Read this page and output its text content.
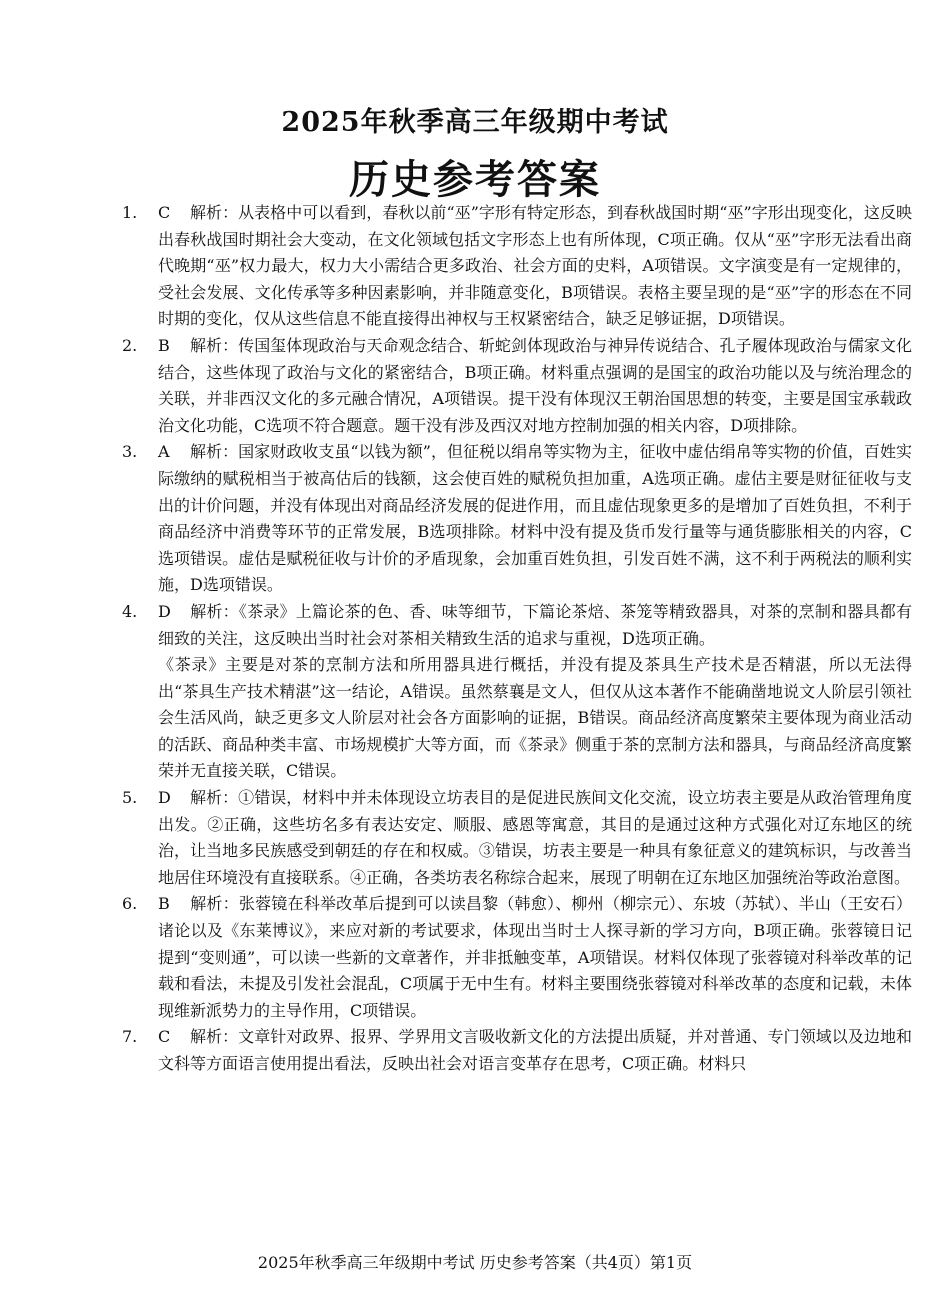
2025年秋季高三年级期中考试
历史参考答案

1.	C 解析：从表格中可以看到，春秋以前“巫”字形有特定形态，到春秋战国时期“巫”字形出现变化，这反映出春秋战国时期社会大变动，在文化领域包括文字形态上也有所体现，C项正确。仅从“巫”字形无法看出商代晚期“巫”权力最大，权力大小需结合更多政治、社会方面的史料，A项错误。文字演变是有一定规律的，受社会发展、文化传承等多种因素影响，并非随意变化，B项错误。表格主要呈现的是“巫”字的形态在不同时期的变化，仅从这些信息不能直接得出神权与王权紧密结合，缺乏足够证据，D项错误。

2.	B 解析：传国玺体现政治与天命观念结合、斩蛇剑体现政治与神异传说结合、孔子履体现政治与儒家文化结合，这些体现了政治与文化的紧密结合，B项正确。材料重点强调的是国宝的政治功能以及与统治理念的关联，并非西汉文化的多元融合情况，A项错误。提干没有体现汉王朝治国思想的转变，主要是国宝承载政治文化功能，C选项不符合题意。题干没有涉及西汉对地方控制加强的相关内容，D项排除。

3.	A 解析：国家财政收支虽“以钱为额”，但征税以绢帛等实物为主，征收中虚估绢帛等实物的价值，百姓实际缴纳的赋税相当于被高估后的钱额，这会使百姓的赋税负担加重，A选项正确。虚估主要是财征征收与支出的计价问题，并没有体现出对商品经济发展的促进作用，而且虚估现象更多的是增加了百姓负担，不利于商品经济中消费等环节的正常发展，B选项排除。材料中没有提及货币发行量等与通货膨胀相关的内容，C选项错误。虚估是赋税征收与计价的矛盾现象，会加重百姓负担，引发百姓不满，这不利于两税法的顺利实施，D选项错误。

4.	D 解析：《茶录》上篇论茶的色、香、味等细节，下篇论茶焙、茶笼等精致器具，对茶的烹制和器具都有细致的关注，这反映出当时社会对茶相关精致生活的追求与重视，D选项正确。
《茶录》主要是对茶的烹制方法和所用器具进行概括，并没有提及茶具生产技术是否精湛，所以无法得出“茶具生产技术精湛”这一结论，A错误。虽然蔡襄是文人，但仅从这本著作不能确凿地说文人阶层引领社会生活风尚，缺乏更多文人阶层对社会各方面影响的证据，B错误。商品经济高度繁荣主要体现为商业活动的活跃、商品种类丰富、市场规模扩大等方面，而《茶录》侧重于茶的烹制方法和器具，与商品经济高度繁荣并无直接关联，C错误。

5.	D 解析：①错误，材料中并未体现设立坊表目的是促进民族间文化交流，设立坊表主要是从政治管理角度出发。②正确，这些坊名多有表达安定、顺服、感恩等寓意，其目的是通过这种方式强化对辽东地区的统治，让当地多民族感受到朝廷的存在和权威。③错误，坊表主要是一种具有象征意义的建筑标识，与改善当地居住环境没有直接联系。④正确，各类坊表名称综合起来，展现了明朝在辽东地区加强统治等政治意图。

6.	B 解析：张蓉镜在科举改革后提到可以读昌黎（韩愈）、柳州（柳宗元）、东坡（苏轼）、半山（王安石）诸论以及《东莱博议》，来应对新的考试要求，体现出当时士人探寻新的学习方向，B项正确。张蓉镜日记提到“变则通”，可以读一些新的文章著作，并非抵触变革，A项错误。材料仅体现了张蓉镜对科举改革的记载和看法，未提及引发社会混乱，C项属于无中生有。材料主要围绕张蓉镜对科举改革的态度和记载，未体现维新派势力的主导作用，C项错误。

7.	C 解析：文章针对政界、报界、学界用文言吸收新文化的方法提出质疑，并对普通、专门领域以及边地和文科等方面语言使用提出看法，反映出社会对语言变革存在思考，C项正确。材料只

2025年秋季高三年级期中考试 历史参考答案（共4页）第1页
